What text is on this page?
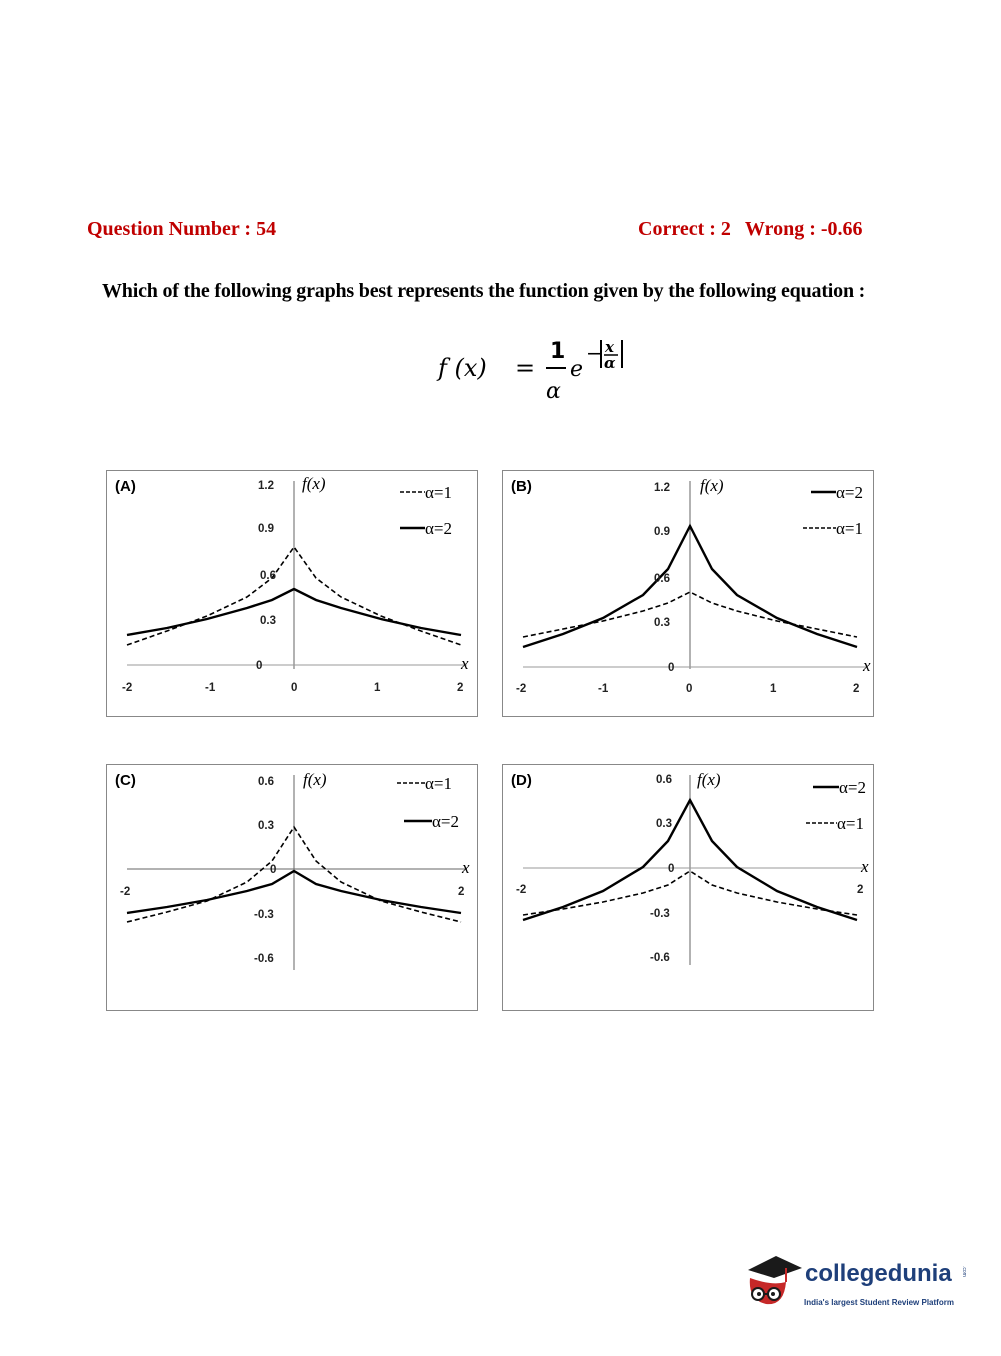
Question Number : 54	Correct : 2 Wrong : -0.66
Which of the following graphs best represents the function given by the following equation :
f (x) =
1
α
e
− x
α
1.2
0.9
0.6
0.3
0
-2	-1	0	1	2
f(x)
x
α=1
α=2
(A)	1.2
0.9
0.6
0.3
0
-2	-1	0	1	2
f(x)
x
α=2
α=1
(B)
0.6
0.3
0
-0.3
-0.6
-2	2
f(x)
x
α=1
α=2
(C)	0.6
0.3
0
-0.3
-0.6
-2	2
f(x)
x
α=2
α=1
(D)
collegedunia .com
India's largest Student Review Platform
